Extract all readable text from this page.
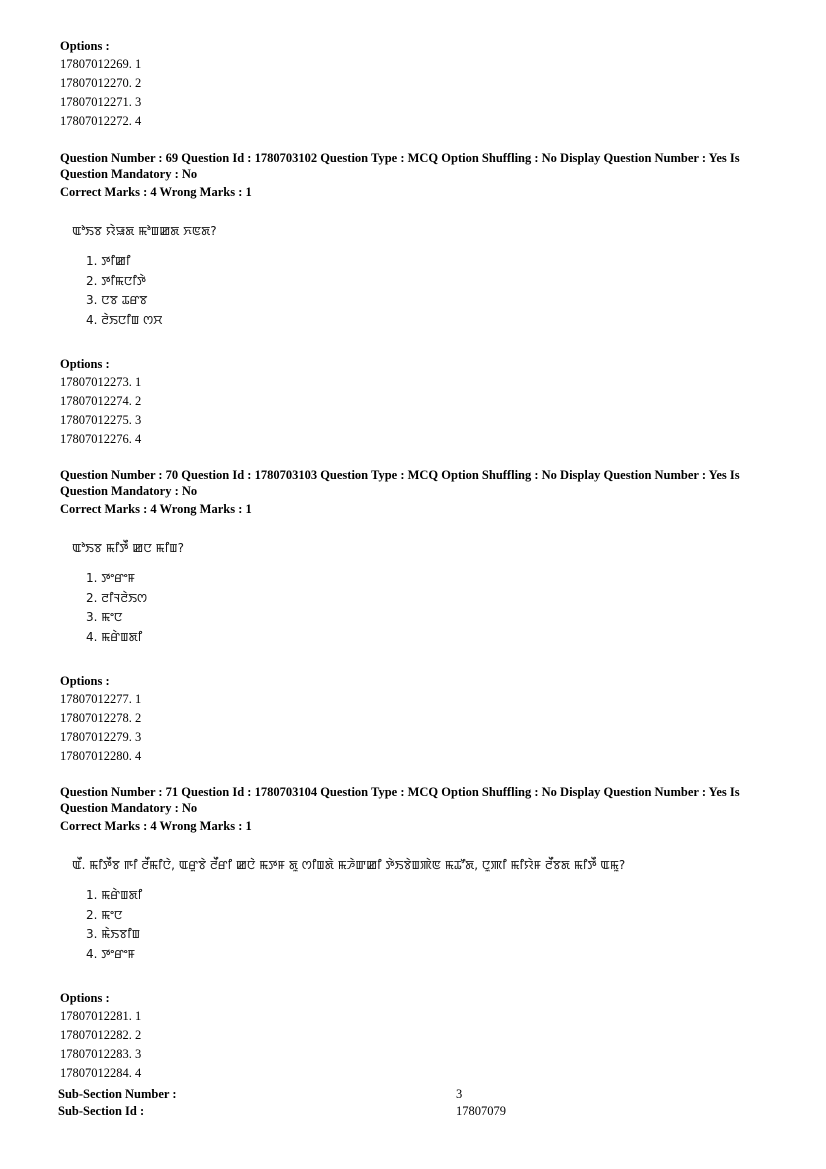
Options :
17807012269. 1
17807012270. 2
17807012271. 3
17807012272. 4
Question Number : 69 Question Id : 1780703102 Question Type : MCQ Option Shuffling : No Display Question Number : Yes Is
Question Mandatory : No
Correct Marks : 4 Wrong Marks : 1
ꯑꯣꯏꯕ ꯌꯥꯎꯗ ꯃꯣꯡꯀꯗ ꯈꯟꯗ?
1. ꯇꯤꯀꯤ
2. ꯇꯤꯃꯅꯤꯇꯥ
3. ꯅꯕ ꯊꯔꯕ
4. ꯂꯥꯏꯅꯤꯡ ꯁꯆ
Options :
17807012273. 1
17807012274. 2
17807012275. 3
17807012276. 4
Question Number : 70 Question Id : 1780703103 Question Type : MCQ Option Shuffling : No Display Question Number : Yes Is
Question Mandatory : No
Correct Marks : 4 Wrong Marks : 1
ꯑꯣꯏꯕ ꯃꯤꯇꯩ ꯀꯅ ꯃꯤꯡ?
1. ꯇꯦꯔꯦꯝ
2. ꯂꯤꯜꯂꯥꯏꯁ
3. ꯃꯦꯅ
4. ꯃꯔꯥꯡꯗꯤ
Options :
17807012277. 1
17807012278. 2
17807012279. 3
17807012280. 4
Question Number : 71 Question Id : 1780703104 Question Type : MCQ Option Shuffling : No Display Question Number : Yes Is
Question Mandatory : No
Correct Marks : 4 Wrong Marks : 1
ꯑꯩ. ꯃꯤꯇꯩꯕ ꯒꯤ ꯂꯩꯃꯤꯅꯥ, ꯑꯔꯨꯕꯥ ꯂꯩꯔꯤ ꯀꯅꯥ ꯃꯇꯝ ꯗꯨ ꯁꯤꯡꯗꯥ ꯃꯍꯥꯛꯀꯤ ꯇꯥꯏꯕꯥꯡꯄꯥꯟ ꯃꯊꯧꯗ, ꯅꯨꯄꯤ ꯃꯤꯌꯥꯝ ꯂꯩꯕꯗ ꯃꯤꯇꯩ ꯑꯃꯨ?
1. ꯃꯔꯥꯡꯗꯤ
2. ꯃꯦꯅ
3. ꯃꯥꯏꯕꯤꯡ
4. ꯇꯦꯔꯦꯝ
Options :
17807012281. 1
17807012282. 2
17807012283. 3
17807012284. 4
Sub-Section Number :	3
Sub-Section Id :	17807079
